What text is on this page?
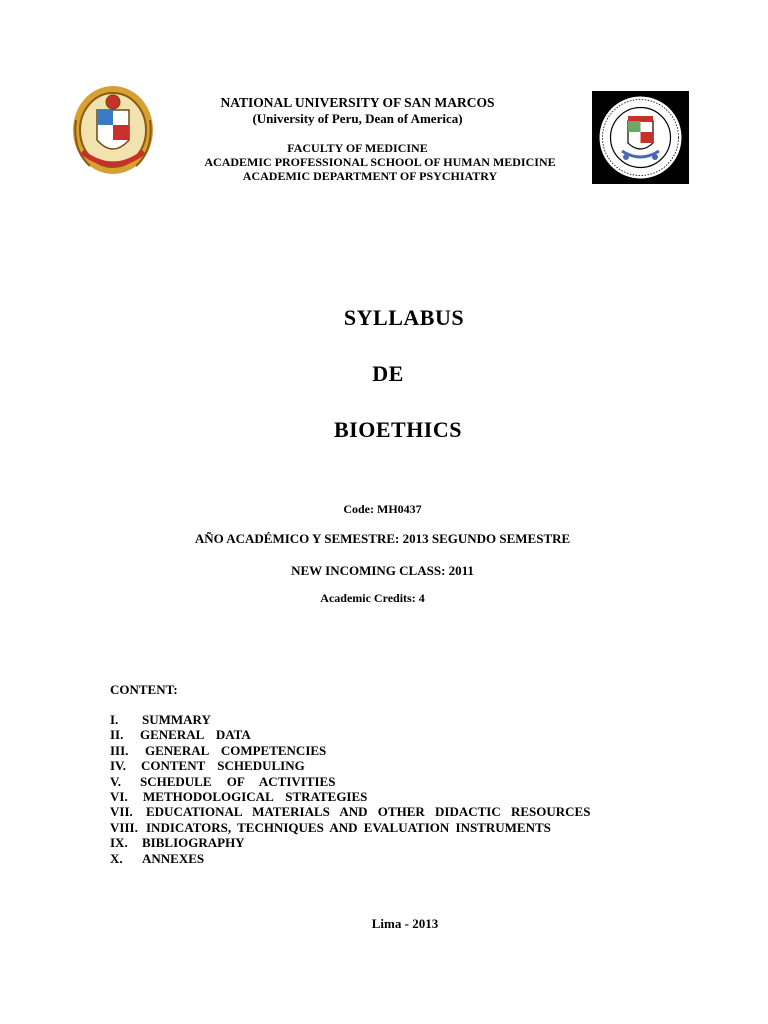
NATIONAL UNIVERSITY OF SAN MARCOS
(University of Peru, Dean of America)
FACULTY OF MEDICINE
ACADEMIC PROFESSIONAL SCHOOL OF HUMAN MEDICINE
ACADEMIC DEPARTMENT OF PSYCHIATRY
SYLLABUS
DE
BIOETHICS
Code: MH0437
AÑO ACADÉMICO Y SEMESTRE: 2013 SEGUNDO SEMESTRE
NEW INCOMING CLASS: 2011
Academic Credits: 4
CONTENT:
I. SUMMARY
II. GENERAL DATA
III. GENERAL COMPETENCIES
IV. CONTENT SCHEDULING
V. SCHEDULE OF ACTIVITIES
VI. METHODOLOGICAL STRATEGIES
VII. EDUCATIONAL MATERIALS AND OTHER DIDACTIC RESOURCES
VIII. INDICATORS, TECHNIQUES AND EVALUATION INSTRUMENTS
IX. BIBLIOGRAPHY
X. ANNEXES
Lima - 2013
